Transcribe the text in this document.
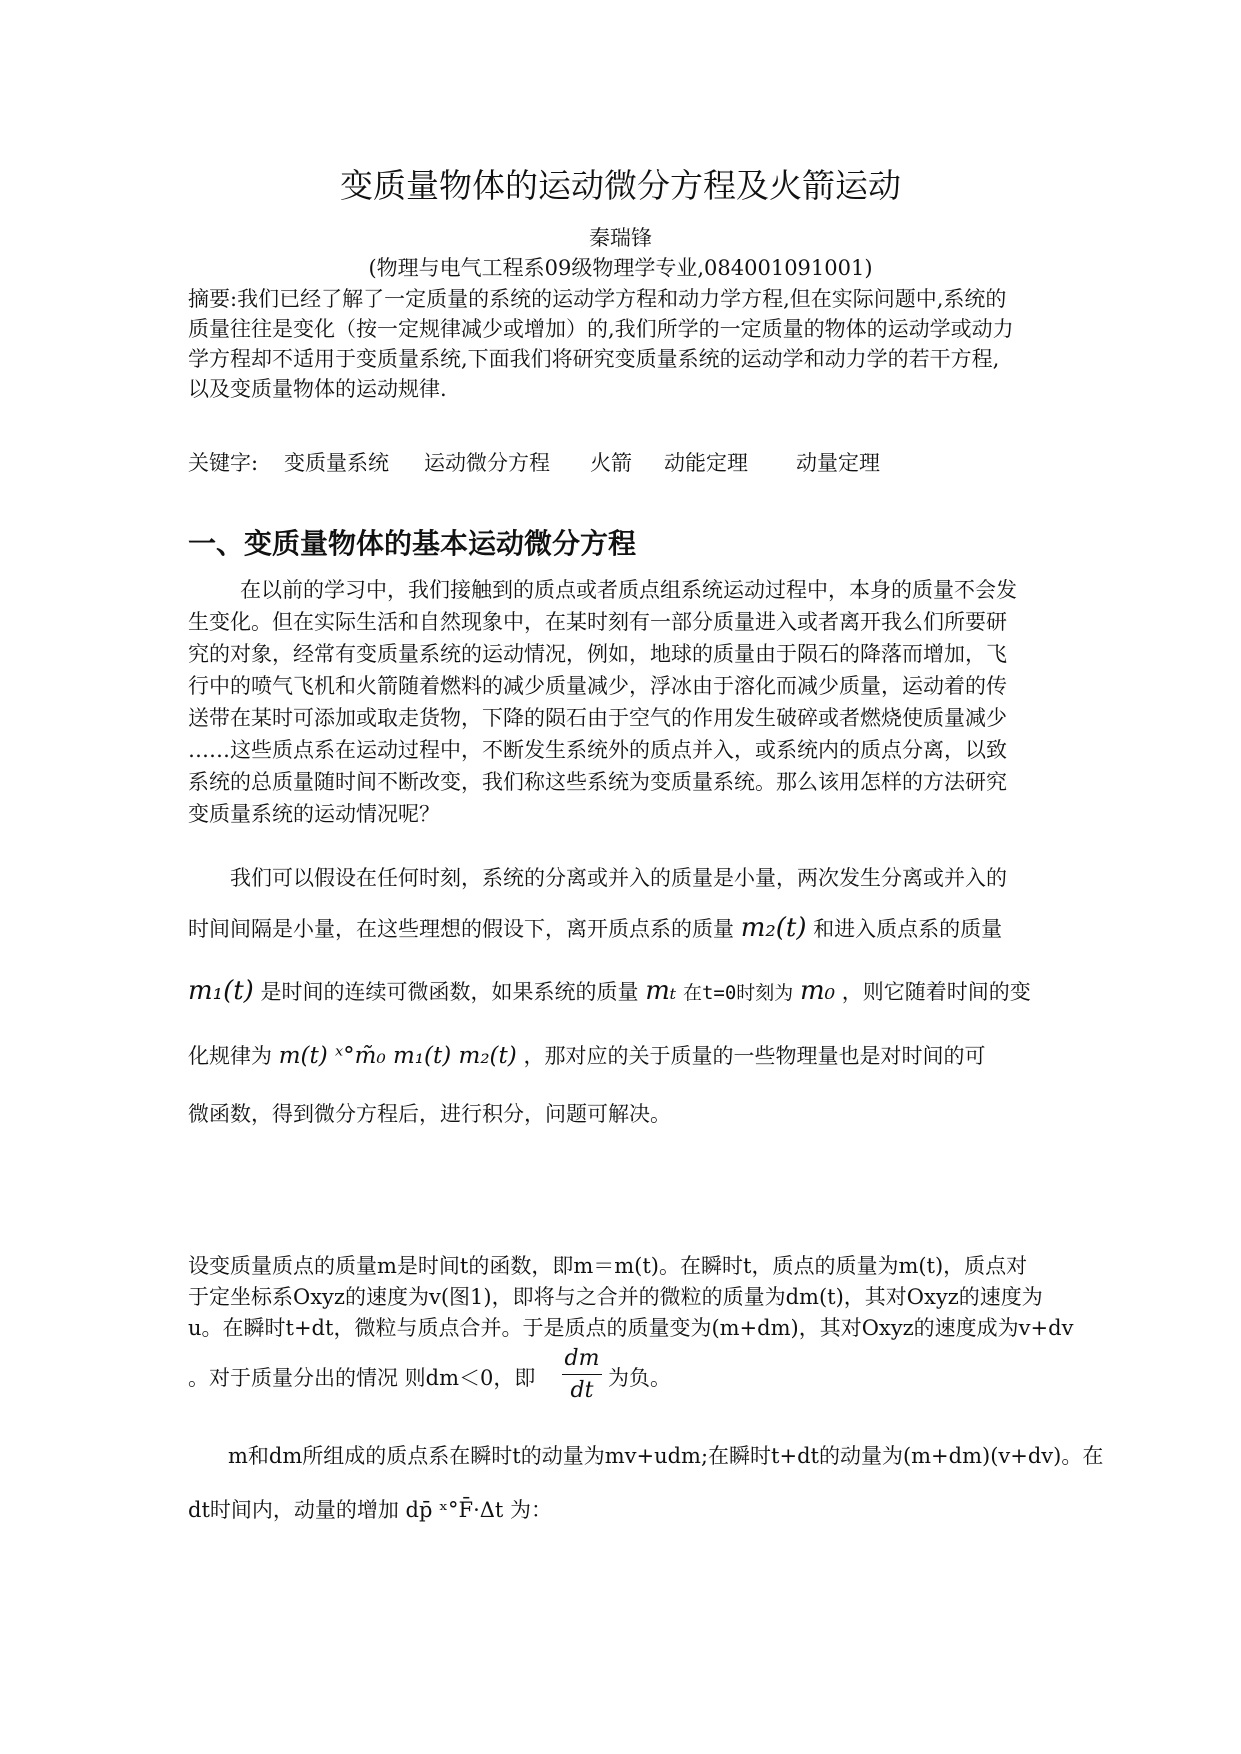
变质量物体的运动微分方程及火箭运动
秦瑞锋
(物理与电气工程系09级物理学专业,084001091001)
摘要:我们已经了解了一定质量的系统的运动学方程和动力学方程,但在实际问题中,系统的
质量往往是变化（按一定规律减少或增加）的,我们所学的一定质量的物体的运动学或动力
学方程却不适用于变质量系统,下面我们将研究变质量系统的运动学和动力学的若干方程,
以及变质量物体的运动规律.
关键字: 变质量系统 运动微分方程 火箭 动能定理 动量定理
一、变质量物体的基本运动微分方程
在以前的学习中，我们接触到的质点或者质点组系统运动过程中，本身的质量不会发
生变化。但在实际生活和自然现象中，在某时刻有一部分质量进入或者离开我么们所要研
究的对象，经常有变质量系统的运动情况，例如，地球的质量由于陨石的降落而增加，飞
行中的喷气飞机和火箭随着燃料的减少质量减少，浮冰由于溶化而减少质量，运动着的传
送带在某时可添加或取走货物，下降的陨石由于空气的作用发生破碎或者燃烧使质量减少
……这些质点系在运动过程中，不断发生系统外的质点并入，或系统内的质点分离，以致
系统的总质量随时间不断改变，我们称这些系统为变质量系统。那么该用怎样的方法研究
变质量系统的运动情况呢？
我们可以假设在任何时刻，系统的分离或并入的质量是小量，两次发生分离或并入的
时间间隔是小量，在这些理想的假设下，离开质点系的质量 m₂(t) 和进入质点系的质量
m₁(t) 是时间的连续可微函数，如果系统的质量 mₜ 在t=0时刻为 m₀ ，则它随着时间的变
化规律为 m(t) ˣ°m̃₀ m₁(t) m₂(t) ，那对应的关于质量的一些物理量也是对时间的可
微函数，得到微分方程后，进行积分，问题可解决。
设变质量质点的质量m是时间t的函数，即m＝m(t)。在瞬时t，质点的质量为m(t)，质点对
于定坐标系Oxyz的速度为v(图1)，即将与之合并的微粒的质量为dm(t)，其对Oxyz的速度为
u。在瞬时t+dt，微粒与质点合并。于是质点的质量变为(m+dm)，其对Oxyz的速度成为v+dv
。对于质量分出的情况 则dm＜0，即
dm
dt 为负。
m和dm所组成的质点系在瞬时t的动量为mv+udm;在瞬时t+dt的动量为(m+dm)(v+dv)。在
dt时间内，动量的增加 dp̄ ˣ°F̄·Δt 为：
